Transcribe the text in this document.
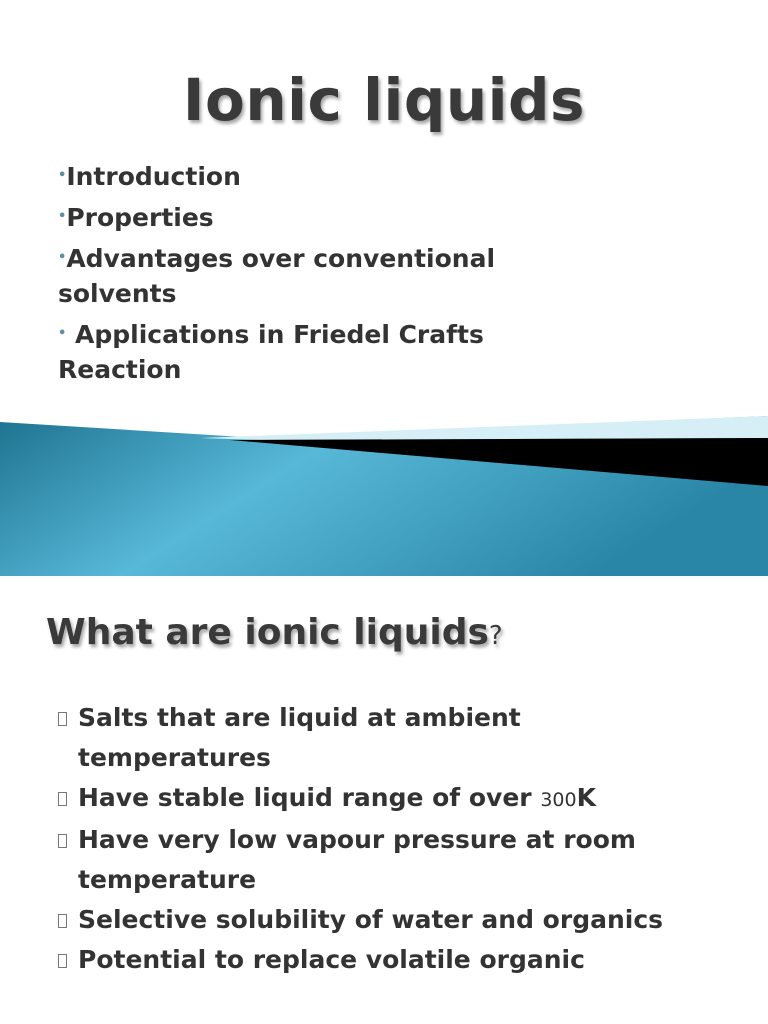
Ionic liquids
•Introduction
•Properties
•Advantages over conventional solvents
• Applications in Friedel Crafts Reaction
What are ionic liquids?
Salts that are liquid at ambient temperatures
Have stable liquid range of over 300K
Have very low vapour pressure at room temperature
Selective solubility of water and organics
Potential to replace volatile organic
